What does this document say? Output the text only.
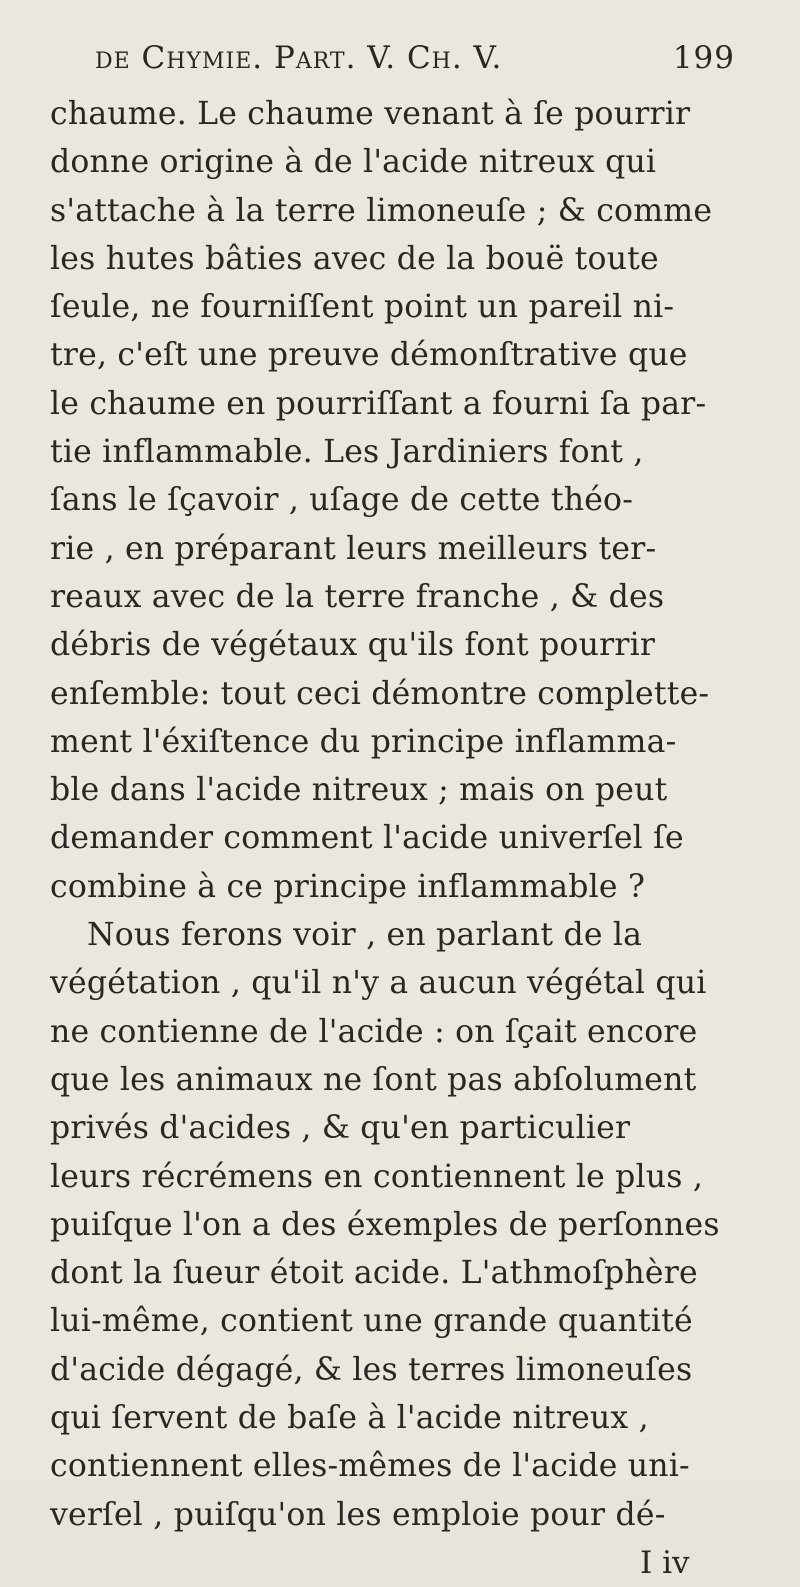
de Chymie. Part. V. Ch. V.	199
chaume. Le chaume venant à ſe pourrir
donne origine à de l'acide nitreux qui
s'attache à la terre limoneuſe ; & comme
les hutes bâties avec de la bouë toute
ſeule, ne fourniſſent point un pareil ni-
tre, c'eſt une preuve démonſtrative que
le chaume en pourriſſant a fourni ſa par-
tie inflammable. Les Jardiniers font ,
ſans le ſçavoir , uſage de cette théo-
rie , en préparant leurs meilleurs ter-
reaux avec de la terre franche , & des
débris de végétaux qu'ils font pourrir
enſemble: tout ceci démontre complette-
ment l'éxiſtence du principe inflamma-
ble dans l'acide nitreux ; mais on peut
demander comment l'acide univerſel ſe
combine à ce principe inflammable ?
Nous ferons voir , en parlant de la
végétation , qu'il n'y a aucun végétal qui
ne contienne de l'acide : on ſçait encore
que les animaux ne ſont pas abſolument
privés d'acides , & qu'en particulier
leurs récrémens en contiennent le plus ,
puiſque l'on a des éxemples de perſonnes
dont la ſueur étoit acide. L'athmoſphère
lui-même, contient une grande quantité
d'acide dégagé, & les terres limoneuſes
qui ſervent de baſe à l'acide nitreux ,
contiennent elles-mêmes de l'acide uni-
verſel , puiſqu'on les emploie pour dé-
I iv
